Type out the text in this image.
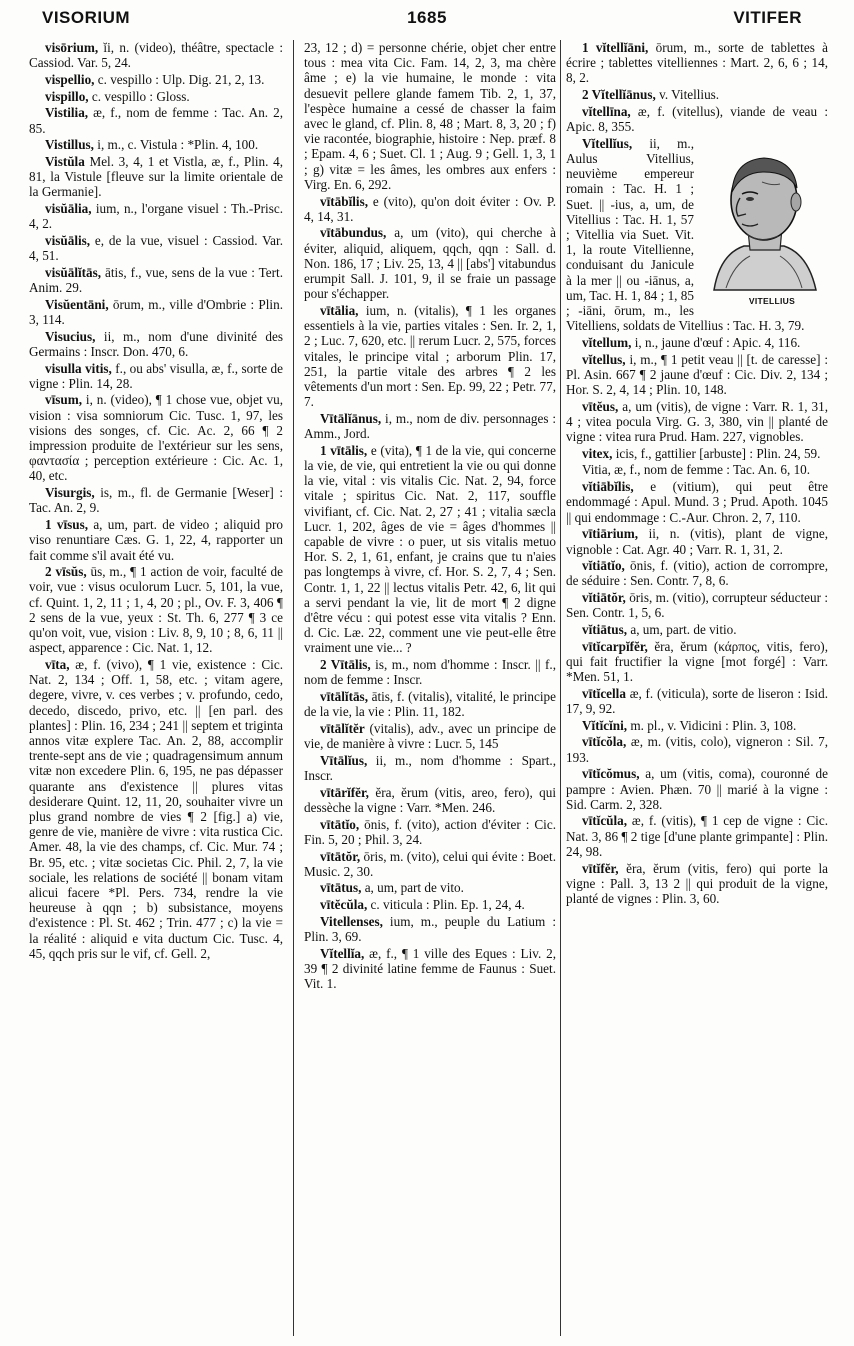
VISORIUM	1685	VITIFER

visōrium, ĭi, n. (video), théâtre, spectacle : Cassiod. Var. 5, 24.

vispellio, c. vespillo : Ulp. Dig. 21, 2, 13.

vispillo, c. vespillo : Gloss.

Vistilia, æ, f., nom de femme : Tac. An. 2, 85.

Vistillus, i, m., c. Vistula : *Plin. 4, 100.

Vistŭla Mel. 3, 4, 1 et Vistla, æ, f., Plin. 4, 81, la Vistule [fleuve sur la limite orientale de la Germanie].

visŭālia, ium, n., l'organe visuel : Th.-Prisc. 4, 2.

visŭālis, e, de la vue, visuel : Cassiod. Var. 4, 51.

visŭālĭtās, ātis, f., vue, sens de la vue : Tert. Anim. 29.

Visŭentāni, ōrum, m., ville d'Ombrie : Plin. 3, 114.

Visucius, ii, m., nom d'une divinité des Germains : Inscr. Don. 470, 6.

visulla vitis, f., ou abs' visulla, æ, f., sorte de vigne : Plin. 14, 28.

vīsum, i, n. (video), ¶ 1 chose vue, objet vu, vision : visa somniorum Cic. Tusc. 1, 97, les visions des songes, cf. Cic. Ac. 2, 66 ¶ 2 impression produite de l'extérieur sur les sens, φαντασία ; perception extérieure : Cic. Ac. 1, 40, etc.

Visurgis, is, m., fl. de Germanie [Weser] : Tac. An. 2, 9.

1 vīsus, a, um, part. de video ; aliquid pro viso renuntiare Cæs. G. 1, 22, 4, rapporter un fait comme s'il avait été vu.

2 vīsŭs, ūs, m., ¶ 1 action de voir, faculté de voir, vue : visus oculorum Lucr. 5, 101, la vue, cf. Quint. 1, 2, 11 ; 1, 4, 20 ; pl., Ov. F. 3, 406 ¶ 2 sens de la vue, yeux : St. Th. 6, 277 ¶ 3 ce qu'on voit, vue, vision : Liv. 8, 9, 10 ; 8, 6, 11 || aspect, apparence : Cic. Nat. 1, 12.

vīta, æ, f. (vivo), ¶ 1 vie, existence : Cic. Nat. 2, 134 ; Off. 1, 58, etc. ; vitam agere, degere, vivre, v. ces verbes ; v. profundo, cedo, decedo, discedo, privo, etc. || [en parl. des plantes] : Plin. 16, 234 ; 241 || septem et triginta annos vitæ explere Tac. An. 2, 88, accomplir trente-sept ans de vie ; quadragensimum annum vitæ non excedere Plin. 6, 195, ne pas dépasser quarante ans d'existence || plures vitas desiderare Quint. 12, 11, 20, souhaiter vivre un plus grand nombre de vies ¶ 2 [fig.] a) vie, genre de vie, manière de vivre : vita rustica Cic. Amer. 48, la vie des champs, cf. Cic. Mur. 74 ; Br. 95, etc. ; vitæ societas Cic. Phil. 2, 7, la vie sociale, les relations de société || bonam vitam alicui facere *Pl. Pers. 734, rendre la vie heureuse à qqn ; b) subsistance, moyens d'existence : Pl. St. 462 ; Trin. 477 ; c) la vie = la réalité : aliquid e vita ductum Cic. Tusc. 4, 45, qqch pris sur le vif, cf. Gell. 2,

23, 12 ; d) = personne chérie, objet cher entre tous : mea vita Cic. Fam. 14, 2, 3, ma chère âme ; e) la vie humaine, le monde : vita desuevit pellere glande famem Tib. 2, 1, 37, l'espèce humaine a cessé de chasser la faim avec le gland, cf. Plin. 8, 48 ; Mart. 8, 3, 20 ; f) vie racontée, biographie, histoire : Nep. præf. 8 ; Epam. 4, 6 ; Suet. Cl. 1 ; Aug. 9 ; Gell. 1, 3, 1 ; g) vitæ = les âmes, les ombres aux enfers : Virg. En. 6, 292.

vītābĭlis, e (vito), qu'on doit éviter : Ov. P. 4, 14, 31.

vītābundus, a, um (vito), qui cherche à éviter, aliquid, aliquem, qqch, qqn : Sall. d. Non. 186, 17 ; Liv. 25, 13, 4 || [abs'] vitabundus erumpit Sall. J. 101, 9, il se fraie un passage pour s'échapper.

vītālia, ium, n. (vitalis), ¶ 1 les organes essentiels à la vie, parties vitales : Sen. Ir. 2, 1, 2 ; Luc. 7, 620, etc. || rerum Lucr. 2, 575, forces vitales, le principe vital ; arborum Plin. 17, 251, la partie vitale des arbres ¶ 2 les vêtements d'un mort : Sen. Ep. 99, 22 ; Petr. 77, 7.

Vītālĭānus, i, m., nom de div. personnages : Amm., Jord.

1 vītālis, e (vita), ¶ 1 de la vie, qui concerne la vie, de vie, qui entretient la vie ou qui donne la vie, vital : vis vitalis Cic. Nat. 2, 94, force vitale ; spiritus Cic. Nat. 2, 117, souffle vivifiant, cf. Cic. Nat. 2, 27 ; 41 ; vitalia sæcla Lucr. 1, 202, âges de vie = âges d'hommes || capable de vivre : o puer, ut sis vitalis metuo Hor. S. 2, 1, 61, enfant, je crains que tu n'aies pas longtemps à vivre, cf. Hor. S. 2, 7, 4 ; Sen. Contr. 1, 1, 22 || lectus vitalis Petr. 42, 6, lit qui a servi pendant la vie, lit de mort ¶ 2 digne d'être vécu : qui potest esse vita vitalis ? Enn. d. Cic. Læ. 22, comment une vie peut-elle être vraiment une vie... ?

2 Vītālis, is, m., nom d'homme : Inscr. || f., nom de femme : Inscr.

vītālĭtās, ātis, f. (vitalis), vitalité, le principe de la vie, la vie : Plin. 11, 182.

vītālĭtĕr (vitalis), adv., avec un principe de vie, de manière à vivre : Lucr. 5, 145

Vītālĭus, ii, m., nom d'homme : Spart., Inscr.

vītārĭfĕr, ĕra, ĕrum (vitis, areo, fero), qui dessèche la vigne : Varr. *Men. 246.

vītātĭo, ōnis, f. (vito), action d'éviter : Cic. Fin. 5, 20 ; Phil. 3, 24.

vītātŏr, ōris, m. (vito), celui qui évite : Boet. Music. 2, 30.

vītātus, a, um, part de vito.

vītĕcŭla, c. viticula : Plin. Ep. 1, 24, 4.

Vitellenses, ium, m., peuple du Latium : Plin. 3, 69.

Vĭtellĭa, æ, f., ¶ 1 ville des Eques : Liv. 2, 39 ¶ 2 divinité latine femme de Faunus : Suet. Vit. 1.

1 vĭtellĭāni, ōrum, m., sorte de tablettes à écrire ; tablettes vitelliennes : Mart. 2, 6, 6 ; 14, 8, 2.

2 Vĭtellĭānus, v. Vitellius.

vĭtellīna, æ, f. (vitellus), viande de veau : Apic. 8, 355.

VITELLIUS
Vĭtellĭus, ii, m., Aulus Vitellius, neuvième empereur romain : Tac. H. 1 ; Suet. || -ius, a, um, de Vitellius : Tac. H. 1, 57 ; Vitellia via Suet. Vit. 1, la route Vitellienne, conduisant du Janicule à la mer || ou -iānus, a, um, Tac. H. 1, 84 ; 1, 85 ; -iāni, ōrum, m., les Vitelliens, soldats de Vitellius : Tac. H. 3, 79.

vĭtellum, i, n., jaune d'œuf : Apic. 4, 116.

vĭtellus, i, m., ¶ 1 petit veau || [t. de caresse] : Pl. Asin. 667 ¶ 2 jaune d'œuf : Cic. Div. 2, 134 ; Hor. S. 2, 4, 14 ; Plin. 10, 148.

vītĕus, a, um (vitis), de vigne : Varr. R. 1, 31, 4 ; vitea pocula Virg. G. 3, 380, vin || planté de vigne : vitea rura Prud. Ham. 227, vignobles.

vitex, icis, f., gattilier [arbuste] : Plin. 24, 59.

Vitia, æ, f., nom de femme : Tac. An. 6, 10.

vĭtiābĭlis, e (vitium), qui peut être endommagé : Apul. Mund. 3 ; Prud. Apoth. 1045 || qui endommage : C.-Aur. Chron. 2, 7, 110.

vītiārium, ii, n. (vitis), plant de vigne, vignoble : Cat. Agr. 40 ; Varr. R. 1, 31, 2.

vĭtiātĭo, ōnis, f. (vitio), action de corrompre, de séduire : Sen. Contr. 7, 8, 6.

vĭtiātŏr, ōris, m. (vitio), corrupteur séducteur : Sen. Contr. 1, 5, 6.

vĭtiātus, a, um, part. de vitio.

vītĭcarpĭfĕr, ĕra, ĕrum (κάρπος, vitis, fero), qui fait fructifier la vigne [mot forgé] : Varr. *Men. 51, 1.

vītĭcella æ, f. (viticula), sorte de liseron : Isid. 17, 9, 92.

Vĭtĭcĭni, m. pl., v. Vidicini : Plin. 3, 108.

vītĭcŏla, æ, m. (vitis, colo), vigneron : Sil. 7, 193.

vītĭcŏmus, a, um (vitis, coma), couronné de pampre : Avien. Phæn. 70 || marié à la vigne : Sid. Carm. 2, 328.

vītĭcŭla, æ, f. (vitis), ¶ 1 cep de vigne : Cic. Nat. 3, 86 ¶ 2 tige [d'une plante grimpante] : Plin. 24, 98.

vītĭfĕr, ĕra, ĕrum (vitis, fero) qui porte la vigne : Pall. 3, 13 2 || qui produit de la vigne, planté de vignes : Plin. 3, 60.
